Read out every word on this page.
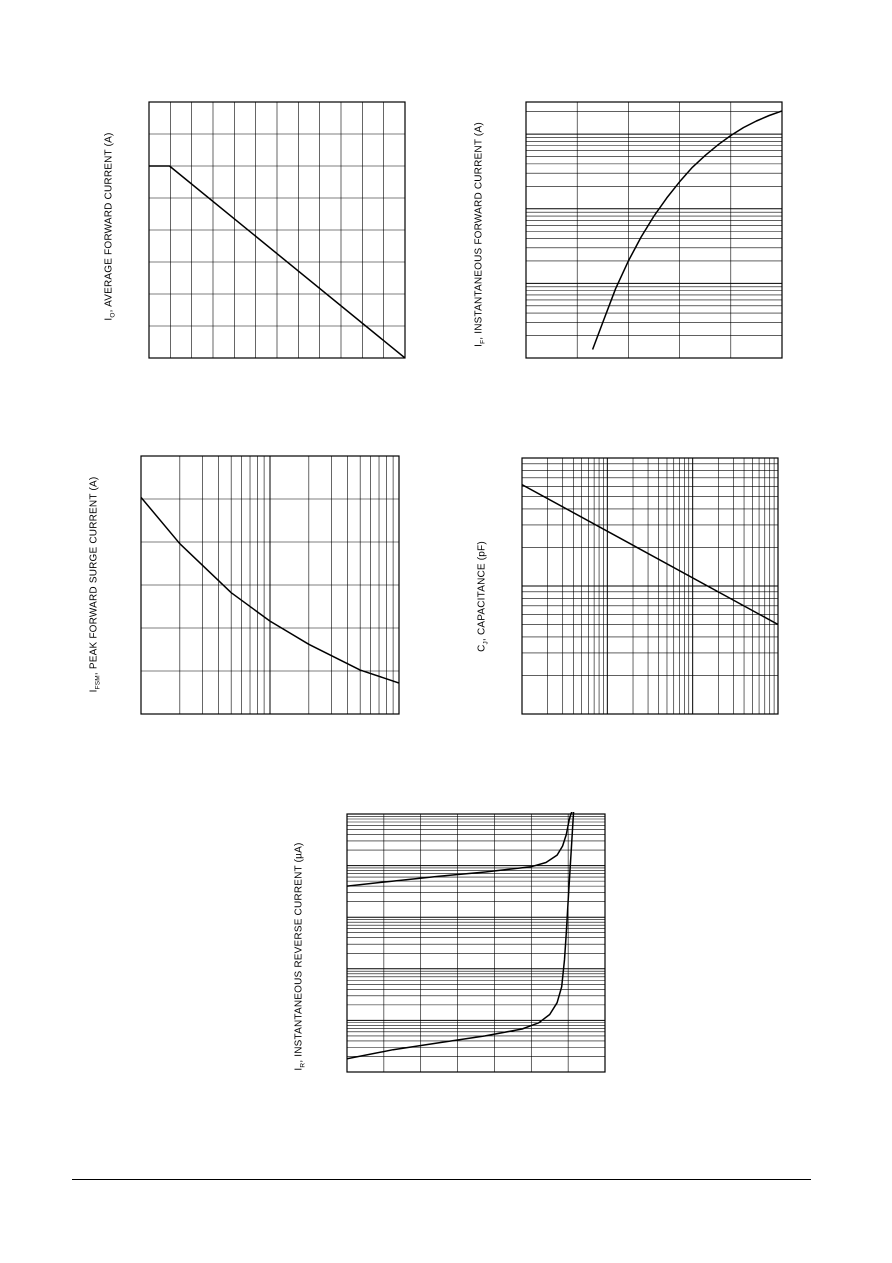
$I_O$, AVERAGE FORWARD CURRENT (A)
$I_F$, INSTANTANEOUS FORWARD CURRENT (A)
$I_{FSM}$, PEAK FORWARD SURGE CURRENT (A)	$C_J$, CAPACITANCE (pF)
$I_R$, INSTANTANEOUS REVERSE CURRENT (µA)
